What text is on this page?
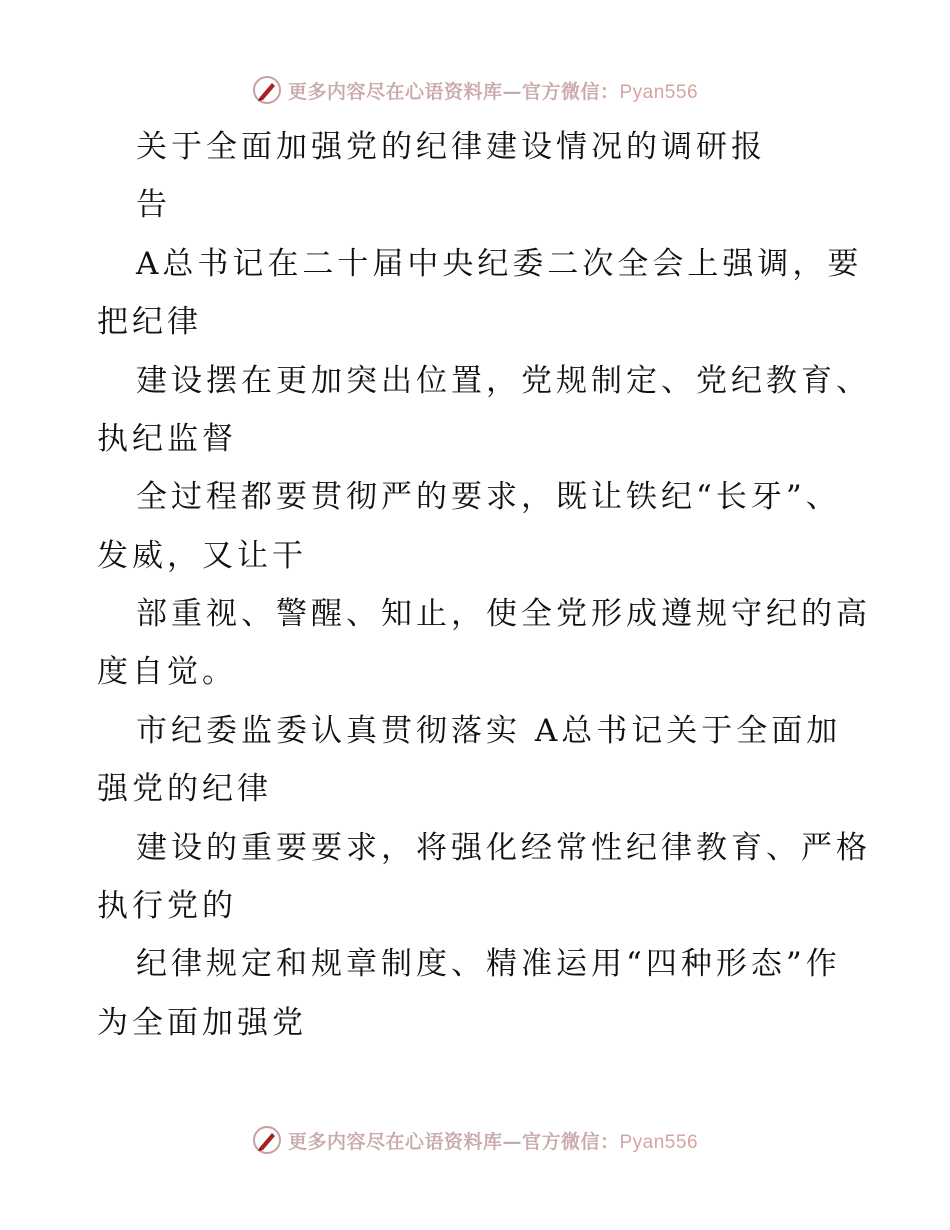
更多内容尽在心语资料库—官方微信：Pyan556
关于全面加强党的纪律建设情况的调研报
告
A总书记在二十届中央纪委二次全会上强调，要
把纪律
建设摆在更加突出位置，党规制定、党纪教育、
执纪监督
全过程都要贯彻严的要求，既让铁纪“长牙”、
发威，又让干
部重视、警醒、知止，使全党形成遵规守纪的高
度自觉。
市纪委监委认真贯彻落实 A总书记关于全面加
强党的纪律
建设的重要要求，将强化经常性纪律教育、严格
执行党的
纪律规定和规章制度、精准运用“四种形态”作
为全面加强党
更多内容尽在心语资料库—官方微信：Pyan556
